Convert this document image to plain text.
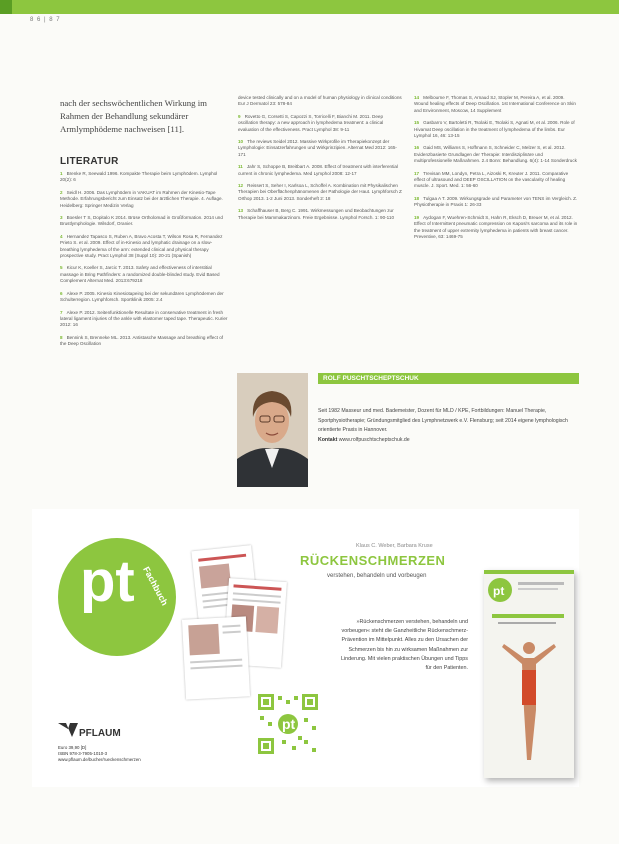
8 6 | 8 7
nach der sechswöchentlichen Wirkung im Rahmen der Behandlung sekundärer Armlymphödeme nachweisen [11].
LITERATUR
1 Brenke R, Seewald 1996. Kompakte Therapie beim Lymphödem. Lymphol 20(2): 6
2 Seidl H. 2006. Das Lymphödem in VAKUAT im Rahmen der Kinesio-Tape Methode. Erfahrungsbericht zum Einsatz bei der ärztlichen Therapie. 4. Auflage. Heidelberg: Springer Medizin Verlag
3 Boesler T S, Dopitalo K 2014. Brüse Ortholomad in Großformation. 2014 und Brustlymphologie. Wilsdorf, Oranier.
4 Hernandez Tapasco S, Ruben A, Bravo Acosta T, Wilson Rosa R, Fernandez Prieto S. et al. 2009. Effect of in-Kinesio and lymphatic drainage on a slow-breathing lymphedema of the arm: extended clinical and physical therapy prospective study. Pract Lymphol 38 (Suppl 10): 20-21 (Spanish)
5 Kicur K, Koeller S, Jarcic T. 2013. Safety and effectiveness of interstitial massage in Bring Pathfinders: a randomized double-blinded study. Evid Based Complement Alternat Med. 2013:679218
6 Alexe P. 2005. Kinesio Kinesiotapeing bei der sekundären Lymphödemen der Schulterregion. Lymphforsch. Sportklinik 2005: 2.4
7 Alexe P. 2012. Seitenfunktionelle Resultate in conservative treatment in fresh lateral ligament injuries of the ankle with elastomer taped tape. Therapeutic. Kurier 2012: 16
8 Bennink S, Brenneke ML. 2013. Antistasche Massage and breathing effect of the Deep Oscillation
device tested clinically and on a model of human physiology in clinical conditions Eur J Dermatol 23: 578-84
9 Rovetto G, Corsetti S, Capozzi S, Torricelli F, Bianchi M. 2011. Deep oscillation therapy: a new approach in lymphedema treatment: a clinical evaluation of the effectiveness. Pract Lymphol 38: 9-11
10 The reviews Seidel 2012. Massive Wirkprofile im Therapiekonzept der Lymphologie: Einsatzerfahrungen und Wirkprinzipien. Alternat Med 2012: 165-171
11 Jahr S, Schoppe B, Breitbart A. 2008. Effect of treatment with interferential current in chronic lymphedema. Med Lymphol 2008: 12-17
12 Reissert S, Seher I, Karlsoa L, Schoffel A. Kombination mit Physikalischen Therapien bei Oberflächenphänomenen der Pathologie der Haut. Lymphforsch Z Orthop 2013. 1-2 Juni 2013. Sonderheft 2: 18
13 Schaffhauser B, Berg C. 1991. Wirkmessungen und Beobachtungen zur Therapie bei Mammakarzinom. Freie Ergebnisse. Lymphol Forsch. 1: 90-110
14 Melbourne F, Thomas S, Arnaud SJ, Stopler M, Pereira A, et al. 2009. Wound healing effects of Deep Oscillation. 1st International Conference on Skin and Environment, Moscow, 14 Supplement
15 Gasbarro V, Bartoletti R, Tsolaki E, Tsolaki S, Agnati M, et al. 2006. Role of Hivamat Deep oscillation in the treatment of lymphedema of the limbs. Eur Lymphol 16, 46: 13-15
16 Gaid MS, Williams S, Hoffmann S, Schneider C, Melzer S, et al. 2012. Evidenzbasierte Grundlagen der Therapie: Interdisziplinäre und multiprofessionelle Maßnahmen. 2.4 Bonn: Behandlung. 6(4): 1-14 Sonderdruck
17 Trevisan MM, Londyn, Petra L, Aizoski R, Kreuter J. 2011. Comparative effect of ultrasound and DEEP OSCILLATION on the vascularity of healing muscle. J. Sport. Med. 1: 56-60
18 Tulgaa A T. 2009. Wirkungsgrade und Parameter von TENS im Vergleich. Z. Physiotherapie in Praxis 1: 26-33
19 Aydogan F, Wuehren-Schmidt S, Hahn R, Eksch D, Breuer M, et al. 2012. Effect of Intermittent pneumatic compression on Kaposi's sarcoma and its role in the treatment of upper extremity lymphedema in patients with breast cancer. Preventive, 63: 1469-75
ROLF PUSCHTSCHEPTSCHUK
Seit 1982 Masseur und med. Bademeister, Dozent für MLD / KPE, Fortbildungen: Manuel Therapie, Sportphysiotherapie; Gründungsmitglied des Lymphnetzwerk e.V. Flensburg; seit 2014 eigene lymphologisch orientierte Praxis in Hannover.
Kontakt www.rolfpuschtscheptschuk.de
pt Fachbuch
Klaus C. Weber, Barbara Kruse
RÜCKENSCHMERZEN
verstehen, behandeln und vorbeugen
»Rückenschmerzen verstehen, behandeln und vorbeugen« steht die Ganzheitliche Rückenschmerz-Prävention im Mittelpunkt. Alles zu den Ursachen der Schmerzen bis hin zu wirksamen Maßnahmen zur Linderung. Mit vielen praktischen Übungen und Tipps für den Patienten.
pt
pt
PFLAUM
Euro 39,90 [D]
ISBN 978-3-7905-1010-3
www.pflaum.de/bucher/rueckenschmerzen
